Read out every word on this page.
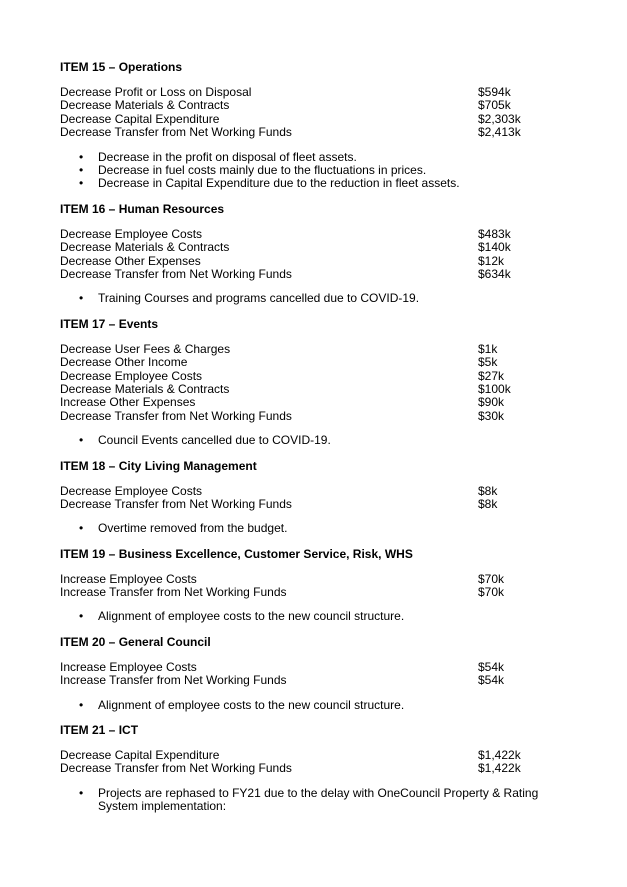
ITEM 15 – Operations
Decrease Profit or Loss on Disposal	$594k
Decrease Materials & Contracts	$705k
Decrease Capital Expenditure	$2,303k
Decrease Transfer from Net Working Funds	$2,413k
• Decrease in the profit on disposal of fleet assets.
• Decrease in fuel costs mainly due to the fluctuations in prices.
• Decrease in Capital Expenditure due to the reduction in fleet assets.
ITEM 16 – Human Resources
Decrease Employee Costs	$483k
Decrease Materials & Contracts	$140k
Decrease Other Expenses	$12k
Decrease Transfer from Net Working Funds	$634k
• Training Courses and programs cancelled due to COVID-19.
ITEM 17 – Events
Decrease User Fees & Charges	$1k
Decrease Other Income	$5k
Decrease Employee Costs	$27k
Decrease Materials & Contracts	$100k
Increase Other Expenses	$90k
Decrease Transfer from Net Working Funds	$30k
• Council Events cancelled due to COVID-19.
ITEM 18 – City Living Management
Decrease Employee Costs	$8k
Decrease Transfer from Net Working Funds	$8k
• Overtime removed from the budget.
ITEM 19 – Business Excellence, Customer Service, Risk, WHS
Increase Employee Costs	$70k
Increase Transfer from Net Working Funds	$70k
• Alignment of employee costs to the new council structure.
ITEM 20 – General Council
Increase Employee Costs	$54k
Increase Transfer from Net Working Funds	$54k
• Alignment of employee costs to the new council structure.
ITEM 21 – ICT
Decrease Capital Expenditure	$1,422k
Decrease Transfer from Net Working Funds	$1,422k
• Projects are rephased to FY21 due to the delay with OneCouncil Property & Rating System implementation:
